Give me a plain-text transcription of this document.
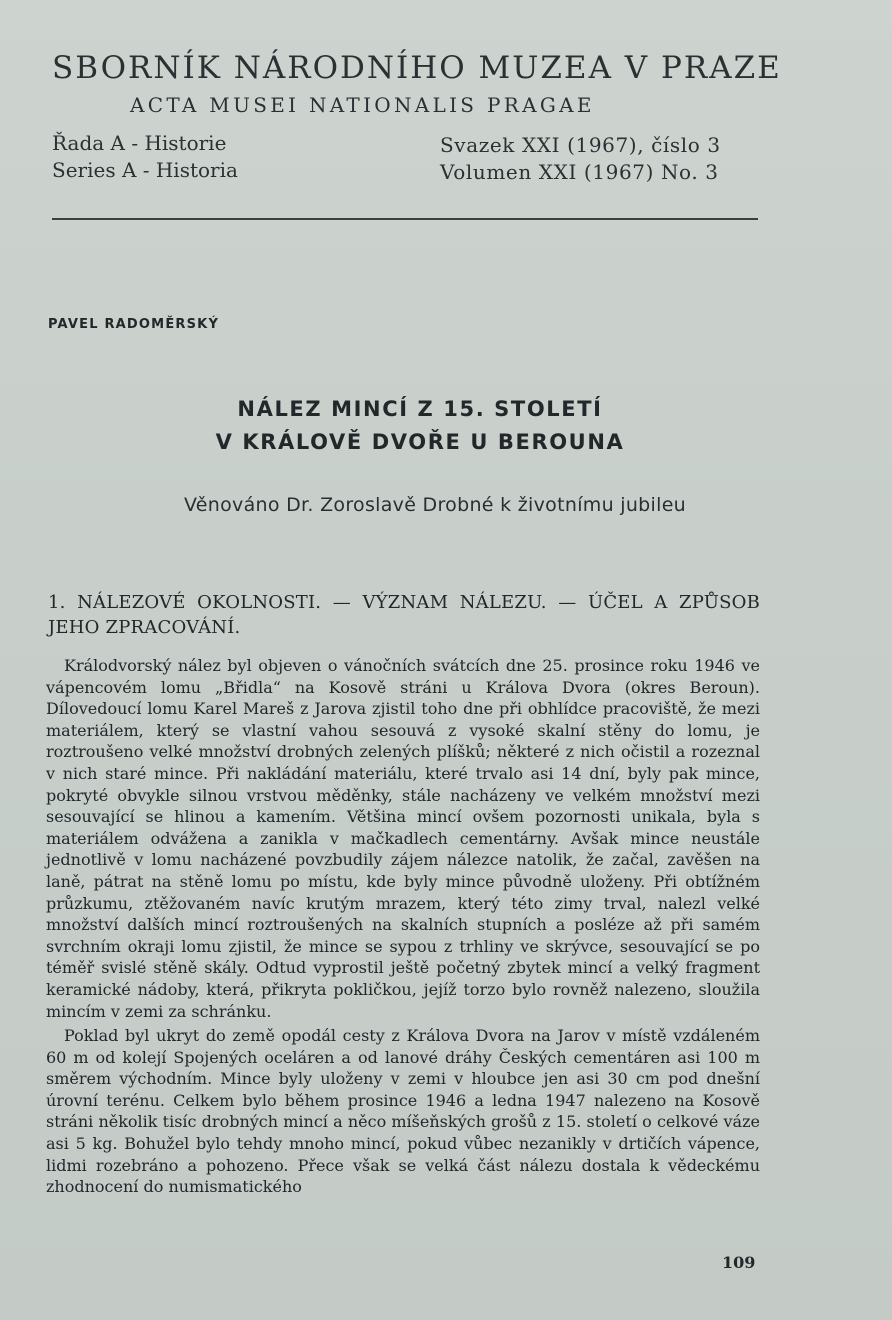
SBORNÍK NÁRODNÍHO MUZEA V PRAZE
ACTA MUSEI NATIONALIS PRAGAE
Řada A - Historie
Series A - Historia
Svazek XXI (1967), číslo 3
Volumen XXI (1967) No. 3
PAVEL RADOMĚRSKÝ
NÁLEZ MINCÍ Z 15. STOLETÍ
V KRÁLOVĚ DVOŘE U BEROUNA
Věnováno Dr. Zoroslavě Drobné k životnímu jubileu
1. NÁLEZOVÉ OKOLNOSTI. — VÝZNAM NÁLEZU. — ÚČEL A ZPŮSOB JEHO ZPRACOVÁNÍ.

Králodvorský nález byl objeven o vánočních svátcích dne 25. prosince roku 1946 ve vápencovém lomu „Břidla“ na Kosově stráni u Králova Dvora (okres Beroun). Dílovedoucí lomu Karel Mareš z Jarova zjistil toho dne při obhlídce pracoviště, že mezi materiálem, který se vlastní vahou sesouvá z vysoké skalní stěny do lomu, je roztroušeno velké množství drobných zelených plíšků; některé z nich očistil a rozeznal v nich staré mince. Při nakládání materiálu, které trvalo asi 14 dní, byly pak mince, pokryté obvykle silnou vrstvou měděnky, stále nacházeny ve velkém množství mezi sesouvající se hlinou a kamením. Většina mincí ovšem pozornosti unikala, byla s materiálem odvážena a zanikla v mačkadlech cementárny. Avšak mince neustále jednotlivě v lomu nacházené povzbudily zájem nálezce natolik, že začal, zavěšen na laně, pátrat na stěně lomu po místu, kde byly mince původně uloženy. Při obtížném průzkumu, ztěžovaném navíc krutým mrazem, který této zimy trval, nalezl velké množství dalších mincí roztroušených na skalních stupních a posléze až při samém svrchním okraji lomu zjistil, že mince se sypou z trhliny ve skrývce, sesouvající se po téměř svislé stěně skály. Odtud vyprostil ještě početný zbytek mincí a velký fragment keramické nádoby, která, přikryta pokličkou, jejíž torzo bylo rovněž nalezeno, sloužila mincím v zemi za schránku.

Poklad byl ukryt do země opodál cesty z Králova Dvora na Jarov v místě vzdáleném 60 m od kolejí Spojených oceláren a od lanové dráhy Českých cementáren asi 100 m směrem východním. Mince byly uloženy v zemi v hloubce jen asi 30 cm pod dnešní úrovní terénu. Celkem bylo během prosince 1946 a ledna 1947 nalezeno na Kosově stráni několik tisíc drobných mincí a něco míšeňských grošů z 15. století o celkové váze asi 5 kg. Bohužel bylo tehdy mnoho mincí, pokud vůbec nezanikly v drtičích vápence, lidmi rozebráno a pohozeno. Přece však se velká část nálezu dostala k vědeckému zhodnocení do numismatického

109
